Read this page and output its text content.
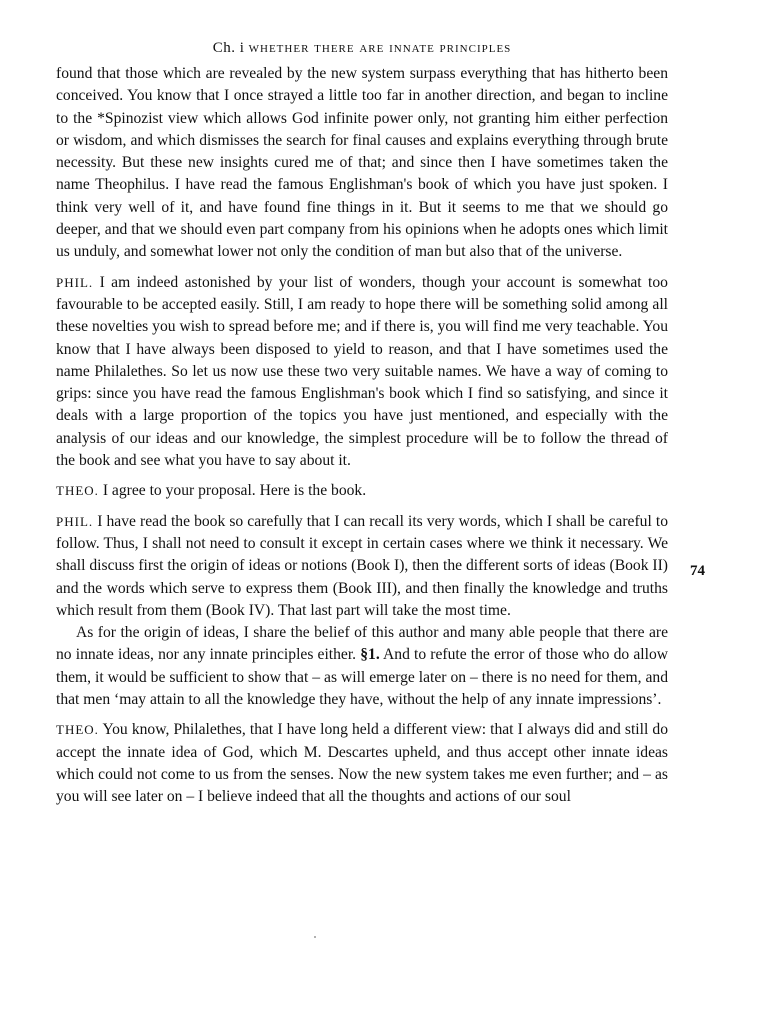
Ch. i whether there are innate principles

found that those which are revealed by the new system surpass everything that has hitherto been conceived. You know that I once strayed a little too far in another direction, and began to incline to the *Spinozist view which allows God infinite power only, not granting him either perfection or wisdom, and which dismisses the search for final causes and explains everything through brute necessity. But these new insights cured me of that; and since then I have sometimes taken the name Theophilus. I have read the famous Englishman's book of which you have just spoken. I think very well of it, and have found fine things in it. But it seems to me that we should go deeper, and that we should even part company from his opinions when he adopts ones which limit us unduly, and somewhat lower not only the condition of man but also that of the universe.

PHIL. I am indeed astonished by your list of wonders, though your account is somewhat too favourable to be accepted easily. Still, I am ready to hope there will be something solid among all these novelties you wish to spread before me; and if there is, you will find me very teachable. You know that I have always been disposed to yield to reason, and that I have sometimes used the name Philalethes. So let us now use these two very suitable names. We have a way of coming to grips: since you have read the famous Englishman's book which I find so satisfying, and since it deals with a large proportion of the topics you have just mentioned, and especially with the analysis of our ideas and our knowledge, the simplest procedure will be to follow the thread of the book and see what you have to say about it.

THEO. I agree to your proposal. Here is the book.

PHIL. I have read the book so carefully that I can recall its very words, which I shall be careful to follow. Thus, I shall not need to consult it except in certain cases where we think it necessary. We shall discuss first the origin of ideas or notions (Book I), then the different sorts of ideas (Book II) and the words which serve to express them (Book III), and then finally the knowledge and truths which result from them (Book IV). That last part will take the most time.

As for the origin of ideas, I share the belief of this author and many able people that there are no innate ideas, nor any innate principles either. §1. And to refute the error of those who do allow them, it would be sufficient to show that – as will emerge later on – there is no need for them, and that men ‘may attain to all the knowledge they have, without the help of any innate impressions’.

THEO. You know, Philalethes, that I have long held a different view: that I always did and still do accept the innate idea of God, which M. Descartes upheld, and thus accept other innate ideas which could not come to us from the senses. Now the new system takes me even further; and – as you will see later on – I believe indeed that all the thoughts and actions of our soul

74
